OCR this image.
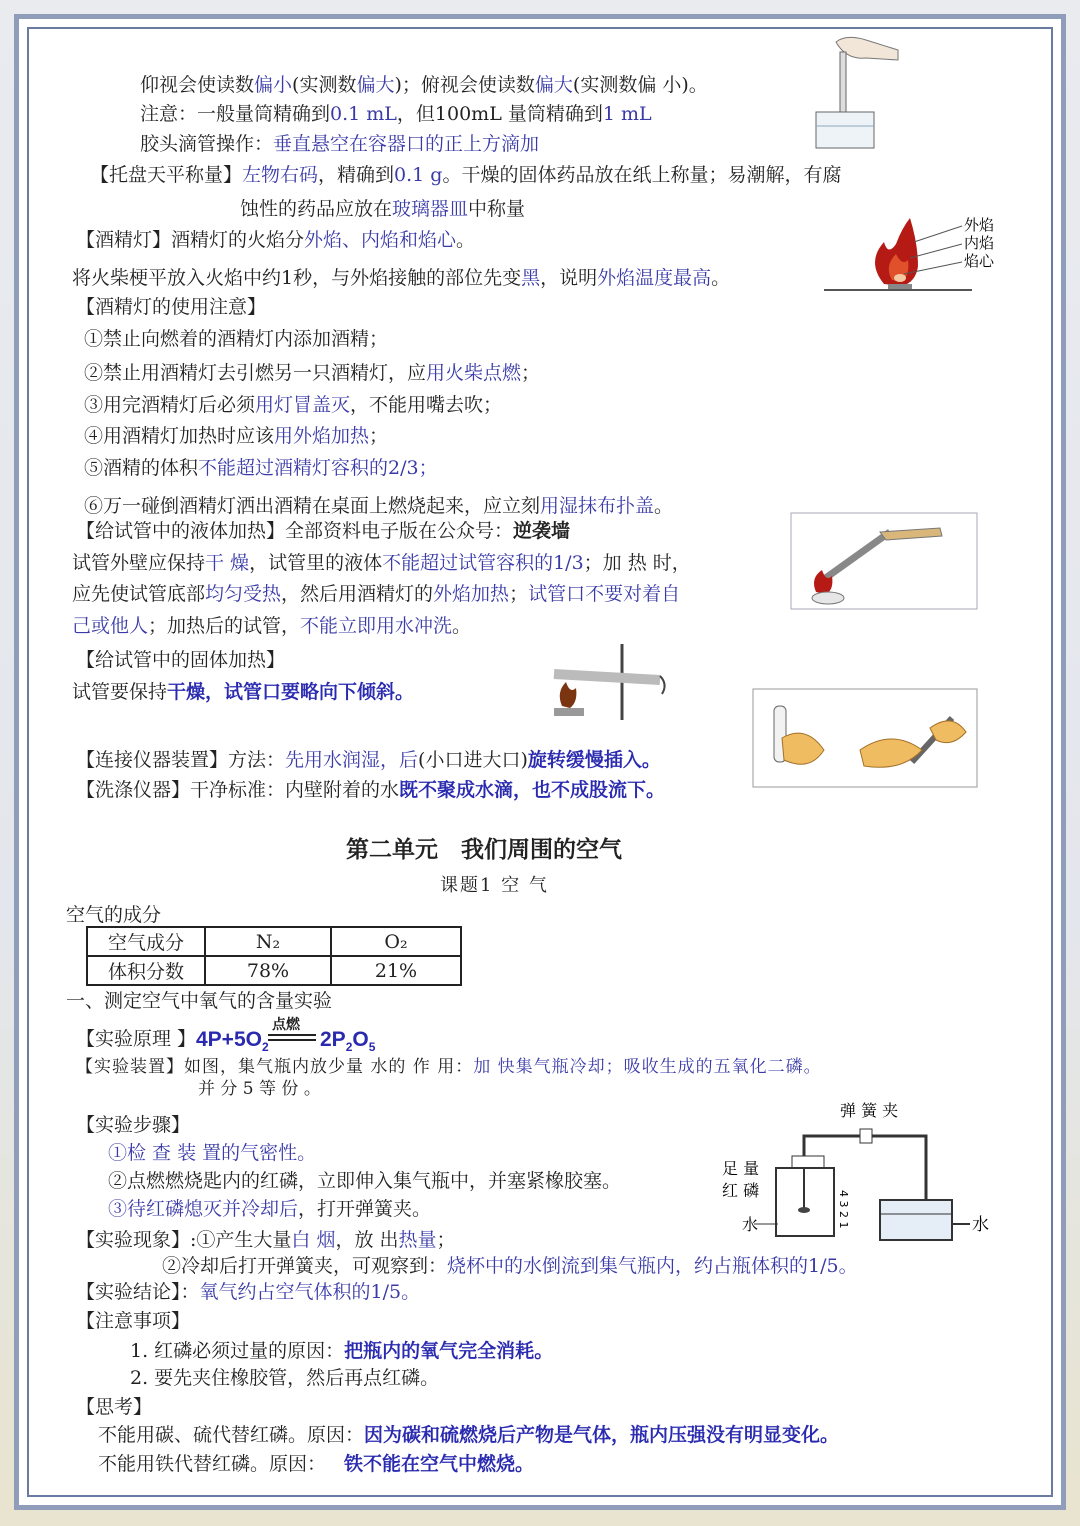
仰视会使读数偏小(实测数偏大)；俯视会使读数偏大(实测数偏 小)。
注意：一般量筒精确到0.1 mL，但100mL 量筒精确到1 mL
胶头滴管操作：垂直悬空在容器口的正上方滴加
【托盘天平称量】左物右码，精确到0.1 g。干燥的固体药品放在纸上称量；易潮解，有腐
蚀性的药品应放在玻璃器皿中称量
【酒精灯】酒精灯的火焰分外焰、内焰和焰心。
将火柴梗平放入火焰中约1秒，与外焰接触的部位先变黑，说明外焰温度最高。
【酒精灯的使用注意】
①禁止向燃着的酒精灯内添加酒精；
②禁止用酒精灯去引燃另一只酒精灯，应用火柴点燃；
③用完酒精灯后必须用灯冒盖灭，不能用嘴去吹；
④用酒精灯加热时应该用外焰加热；
⑤酒精的体积不能超过酒精灯容积的2/3；
⑥万一碰倒酒精灯洒出酒精在桌面上燃烧起来，应立刻用湿抹布扑盖。
【给试管中的液体加热】全部资料电子版在公众号：逆袭墙
试管外壁应保持干 燥，试管里的液体不能超过试管容积的1/3；加 热 时，
应先使试管底部均匀受热，然后用酒精灯的外焰加热；试管口不要对着自
己或他人；加热后的试管，不能立即用水冲洗。
【给试管中的固体加热】
试管要保持干燥，试管口要略向下倾斜。
【连接仪器装置】方法：先用水润湿，后(小口进大口)旋转缓慢插入。
【洗涤仪器】干净标准：内壁附着的水既不聚成水滴，也不成股流下。
第二单元　我们周围的空气
课题1 空 气
空气的成分
空气成分	N₂	O₂
体积分数	78%	21%
一、测定空气中氧气的含量实验
【实验原理 】 $4P+5O_2$
点燃
$2P_2O_5$
【实验装置】如图，集气瓶内放少量 水的 作 用：加 快集气瓶冷却；吸收生成的五氧化二磷。
并 分 5 等 份 。
【实验步骤】
①检 查 装 置的气密性。
②点燃燃烧匙内的红磷，立即伸入集气瓶中，并塞紧橡胶塞。
③待红磷熄灭并冷却后，打开弹簧夹。
【实验现象】:①产生大量白 烟，放 出热量；
②冷却后打开弹簧夹，可观察到：烧杯中的水倒流到集气瓶内，约占瓶体积的1/5。
【实验结论】：氧气约占空气体积的1/5。
【注意事项】
1. 红磷必须过量的原因：把瓶内的氧气完全消耗。
2. 要先夹住橡胶管，然后再点红磷。
【思考】
不能用碳、硫代替红磷。原因：因为碳和硫燃烧后产物是气体，瓶内压强没有明显变化。
不能用铁代替红磷。原因： 铁不能在空气中燃烧。
外焰
内焰
焰心
弹 簧 夹
4 3 2 1
足 量
红 磷
水	水
